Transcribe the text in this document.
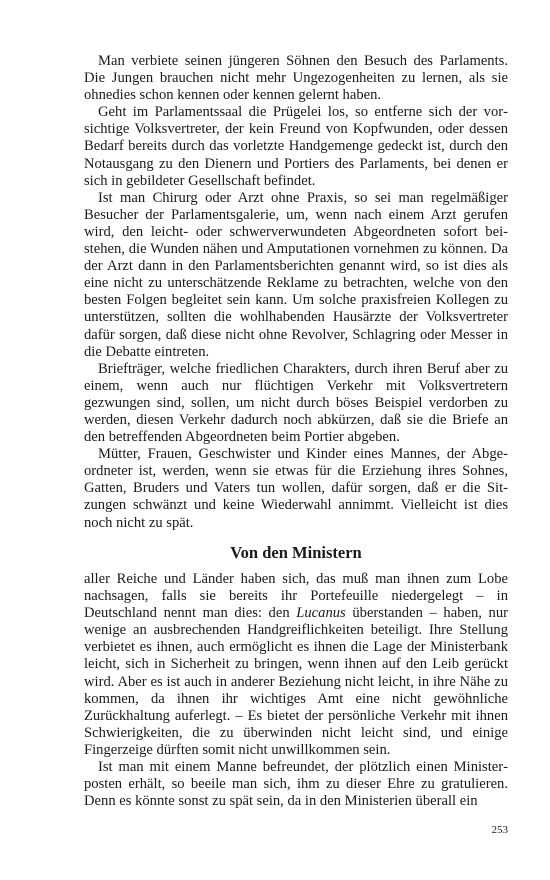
Man verbiete seinen jüngeren Söhnen den Besuch des Parlaments. Die Jungen brauchen nicht mehr Ungezogenheiten zu lernen, als sie ohnedies schon kennen oder kennen gelernt haben.

Geht im Parlamentssaal die Prügelei los, so entferne sich der vorsichtige Volksvertreter, der kein Freund von Kopfwunden, oder dessen Bedarf bereits durch das vorletzte Handgemenge gedeckt ist, durch den Notausgang zu den Dienern und Portiers des Parlaments, bei denen er sich in gebildeter Gesellschaft befindet.

Ist man Chirurg oder Arzt ohne Praxis, so sei man regelmäßiger Besucher der Parlamentsgalerie, um, wenn nach einem Arzt gerufen wird, den leicht- oder schwerverwundeten Abgeordneten sofort beistehen, die Wunden nähen und Amputationen vornehmen zu können. Da der Arzt dann in den Parlamentsberichten genannt wird, so ist dies als eine nicht zu unterschätzende Reklame zu betrachten, welche von den besten Folgen begleitet sein kann. Um solche praxisfreien Kollegen zu unterstützen, sollten die wohlhabenden Hausärzte der Volksvertreter dafür sorgen, daß diese nicht ohne Revolver, Schlagring oder Messer in die Debatte eintreten.

Briefträger, welche friedlichen Charakters, durch ihren Beruf aber zu einem, wenn auch nur flüchtigen Verkehr mit Volksvertretern gezwungen sind, sollen, um nicht durch böses Beispiel verdorben zu werden, diesen Verkehr dadurch noch abkürzen, daß sie die Briefe an den betreffenden Abgeordneten beim Portier abgeben.

Mütter, Frauen, Geschwister und Kinder eines Mannes, der Abgeordneter ist, werden, wenn sie etwas für die Erziehung ihres Sohnes, Gatten, Bruders und Vaters tun wollen, dafür sorgen, daß er die Sitzungen schwänzt und keine Wiederwahl annimmt. Vielleicht ist dies noch nicht zu spät.

Von den Ministern

aller Reiche und Länder haben sich, das muß man ihnen zum Lobe nachsagen, falls sie bereits ihr Portefeuille niedergelegt – in Deutschland nennt man dies: den Lucanus überstanden – haben, nur wenige an ausbrechenden Handgreiflichkeiten beteiligt. Ihre Stellung verbietet es ihnen, auch ermöglicht es ihnen die Lage der Ministerbank leicht, sich in Sicherheit zu bringen, wenn ihnen auf den Leib gerückt wird. Aber es ist auch in anderer Beziehung nicht leicht, in ihre Nähe zu kommen, da ihnen ihr wichtiges Amt eine nicht gewöhnliche Zurückhaltung auferlegt. – Es bietet der persönliche Verkehr mit ihnen Schwierigkeiten, die zu überwinden nicht leicht sind, und einige Fingerzeige dürften somit nicht unwillkommen sein.

Ist man mit einem Manne befreundet, der plötzlich einen Ministerposten erhält, so beeile man sich, ihm zu dieser Ehre zu gratulieren. Denn es könnte sonst zu spät sein, da in den Ministerien überall ein

253
